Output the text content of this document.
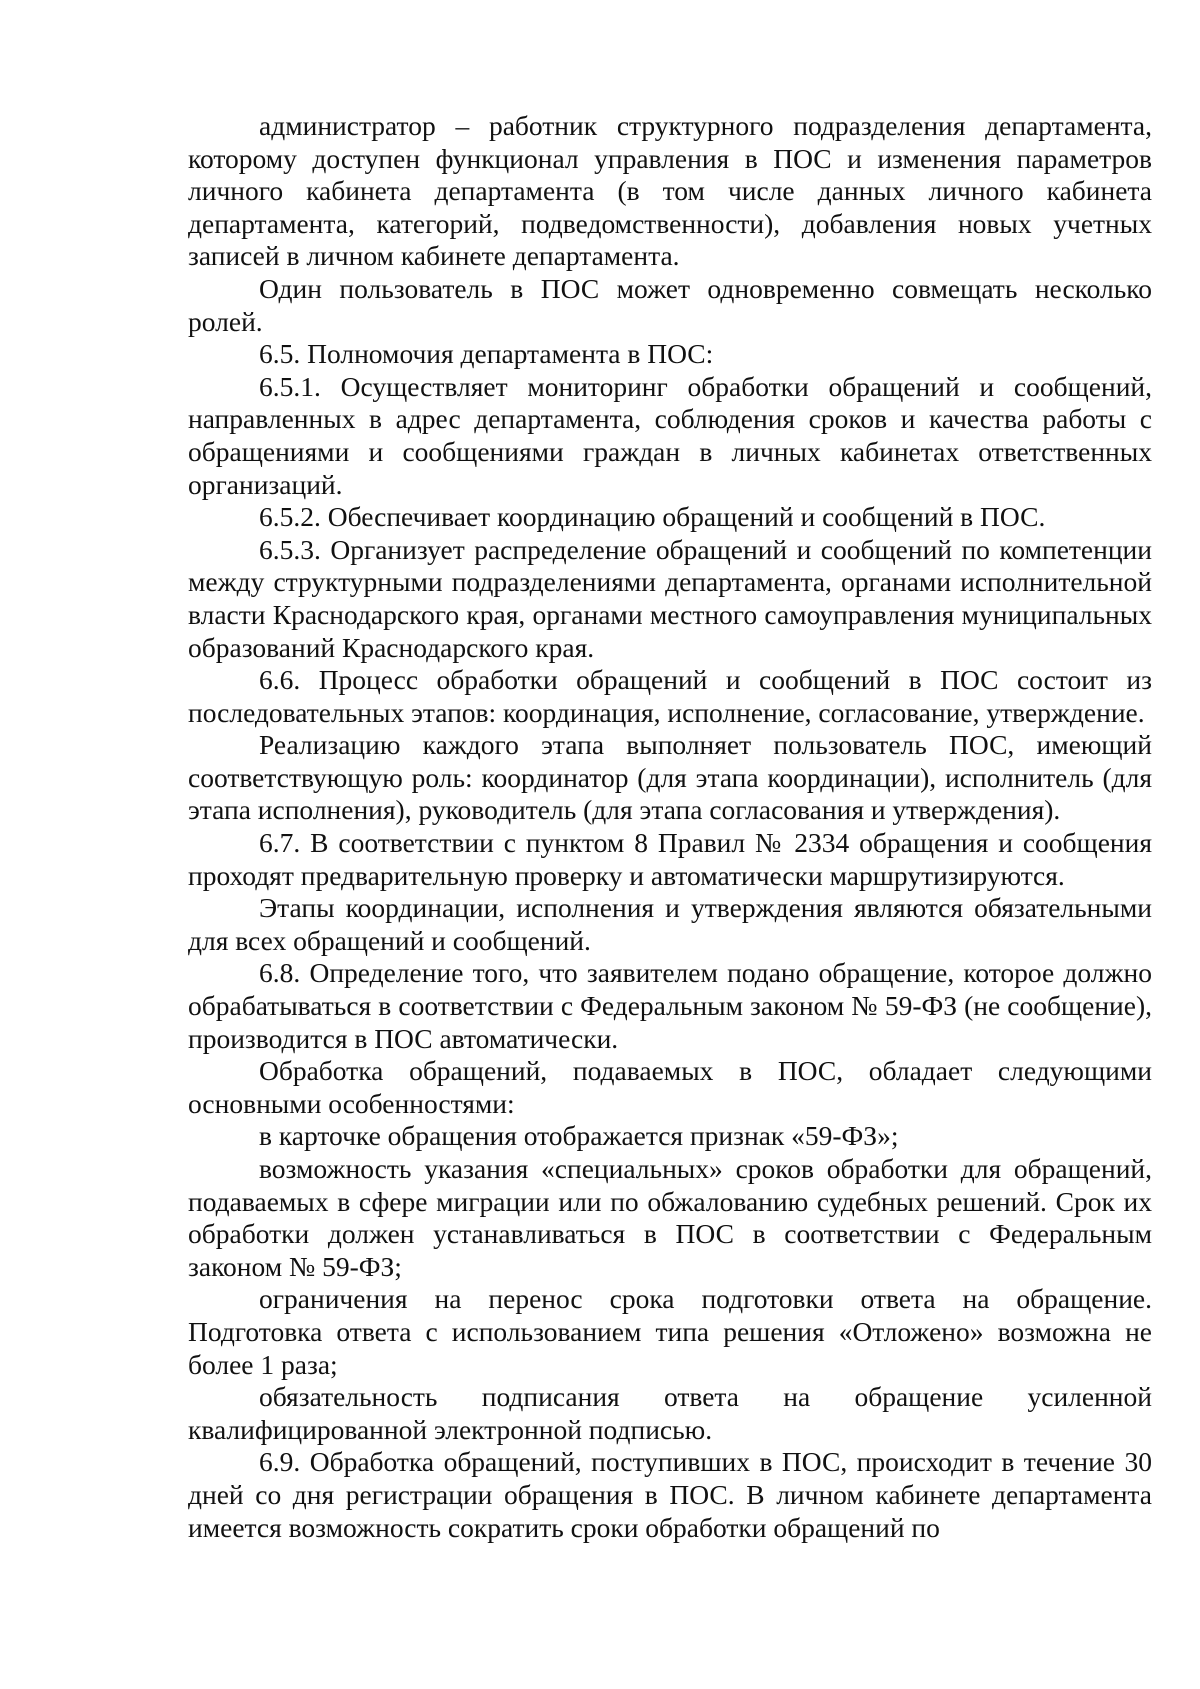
администратор – работник структурного подразделения департамента, которому доступен функционал управления в ПОС и изменения параметров личного кабинета департамента (в том числе данных личного кабинета департамента, категорий, подведомственности), добавления новых учетных записей в личном кабинете департамента.

Один пользователь в ПОС может одновременно совмещать несколько ролей.

6.5. Полномочия департамента в ПОС:

6.5.1. Осуществляет мониторинг обработки обращений и сообщений, направленных в адрес департамента, соблюдения сроков и качества работы с обращениями и сообщениями граждан в личных кабинетах ответственных организаций.

6.5.2. Обеспечивает координацию обращений и сообщений в ПОС.

6.5.3. Организует распределение обращений и сообщений по компетенции между структурными подразделениями департамента, органами исполнительной власти Краснодарского края, органами местного самоуправления муниципальных образований Краснодарского края.

6.6. Процесс обработки обращений и сообщений в ПОС состоит из последовательных этапов: координация, исполнение, согласование, утверждение.

Реализацию каждого этапа выполняет пользователь ПОС, имеющий соответствующую роль: координатор (для этапа координации), исполнитель (для этапа исполнения), руководитель (для этапа согласования и утверждения).

6.7. В соответствии с пунктом 8 Правил № 2334 обращения и сообщения проходят предварительную проверку и автоматически маршрутизируются.

Этапы координации, исполнения и утверждения являются обязательными для всех обращений и сообщений.

6.8. Определение того, что заявителем подано обращение, которое должно обрабатываться в соответствии с Федеральным законом № 59-ФЗ (не сообщение), производится в ПОС автоматически.

Обработка обращений, подаваемых в ПОС, обладает следующими основными особенностями:

в карточке обращения отображается признак «59-ФЗ»;

возможность указания «специальных» сроков обработки для обращений, подаваемых в сфере миграции или по обжалованию судебных решений. Срок их обработки должен устанавливаться в ПОС в соответствии с Федеральным законом № 59-ФЗ;

ограничения на перенос срока подготовки ответа на обращение. Подготовка ответа с использованием типа решения «Отложено» возможна не более 1 раза;

обязательность подписания ответа на обращение усиленной квалифицированной электронной подписью.

6.9. Обработка обращений, поступивших в ПОС, происходит в течение 30 дней со дня регистрации обращения в ПОС. В личном кабинете департамента имеется возможность сократить сроки обработки обращений по
